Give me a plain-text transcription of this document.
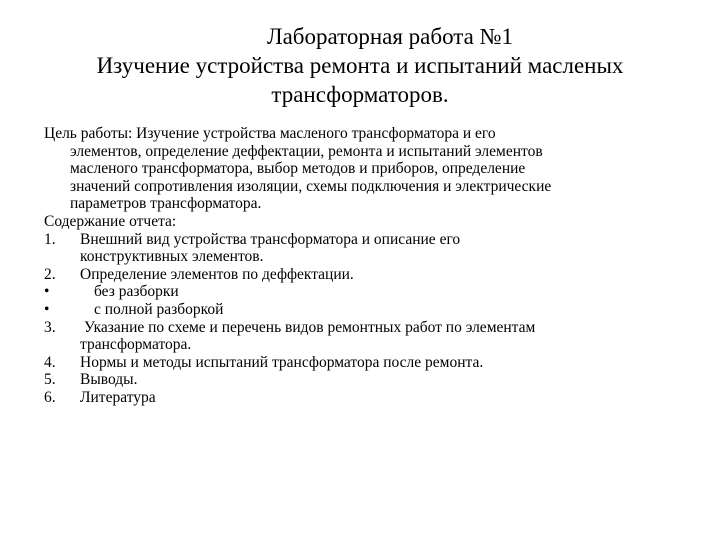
Лабораторная работа №1
Изучение устройства ремонта и испытаний масленых
трансформаторов.
Цель работы: Изучение устройства масленого трансформатора и его
элементов, определение деффектации, ремонта и испытаний элементов
масленого трансформатора, выбор методов и приборов, определение
значений сопротивления изоляции, схемы подключения и электрические
параметров трансформатора.
Содержание отчета:
1. Внешний вид устройства трансформатора и описание его
конструктивных элементов.
2. Определение элементов по деффектации.
•	без разборки
•	с полной разборкой
3. Указание по схеме и перечень видов ремонтных работ по элементам
трансформатора.
4. Нормы и методы испытаний трансформатора после ремонта.
5. Выводы.
6. Литература
